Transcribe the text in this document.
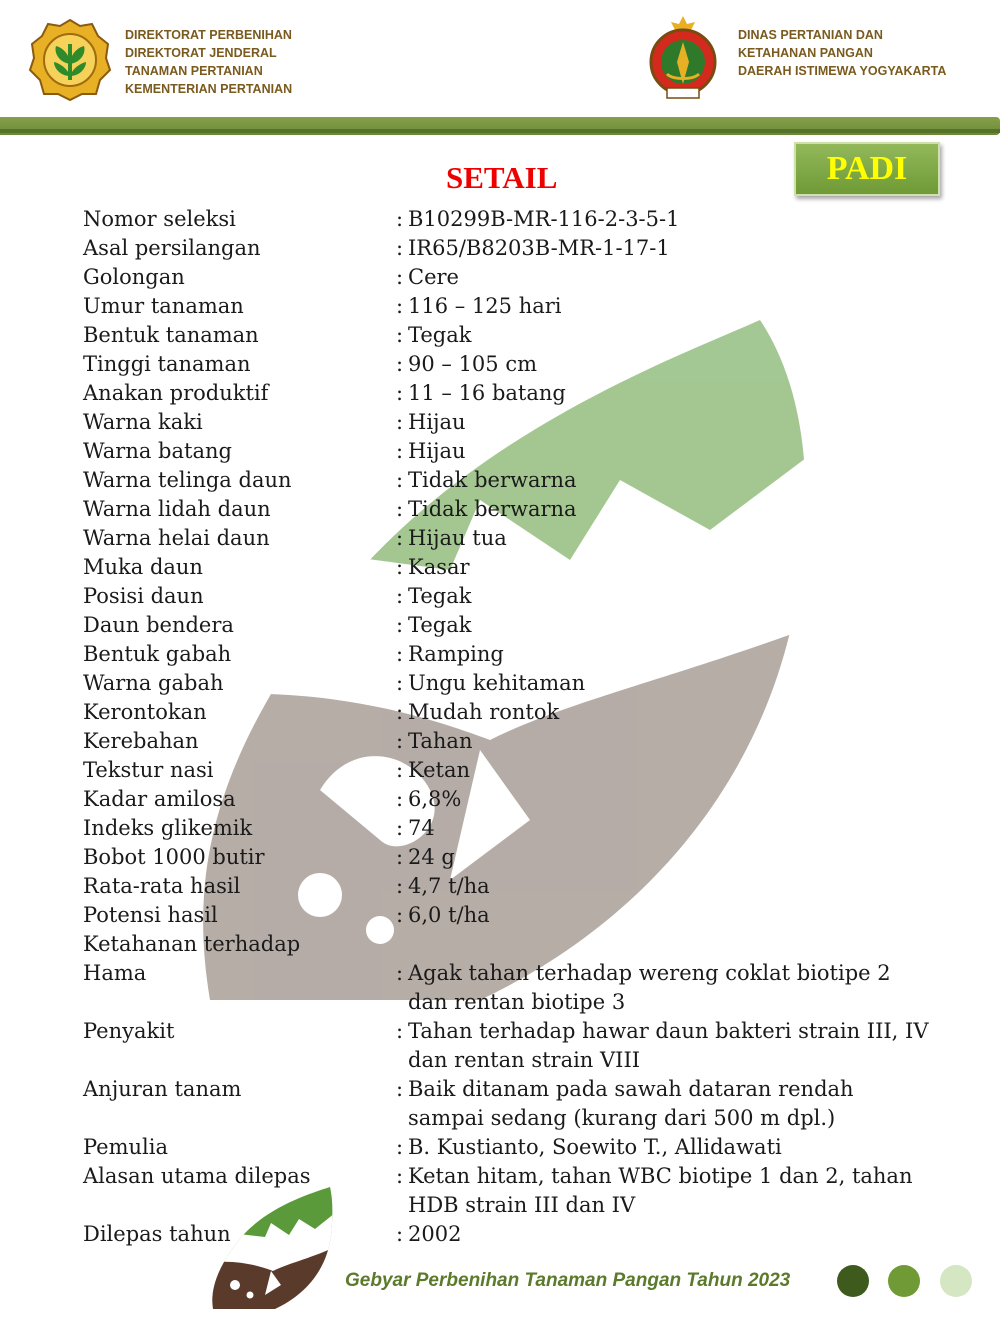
DIREKTORAT PERBENIHAN
DIREKTORAT JENDERAL
TANAMAN PERTANIAN
KEMENTERIAN PERTANIAN
DINAS PERTANIAN DAN
KETAHANAN PANGAN
DAERAH ISTIMEWA YOGYAKARTA
PADI
SETAIL
Nomor seleksi	: B10299B-MR-116-2-3-5-1
Asal persilangan	: IR65/B8203B-MR-1-17-1
Golongan	: Cere
Umur tanaman	: 116 – 125 hari
Bentuk tanaman	: Tegak
Tinggi tanaman	: 90 – 105 cm
Anakan produktif	: 11 – 16 batang
Warna kaki	: Hijau
Warna batang	: Hijau
Warna telinga daun	: Tidak berwarna
Warna lidah daun	: Tidak berwarna
Warna helai daun	: Hijau tua
Muka daun	: Kasar
Posisi daun	: Tegak
Daun bendera	: Tegak
Bentuk gabah	: Ramping
Warna gabah	: Ungu kehitaman
Kerontokan	: Mudah rontok
Kerebahan	: Tahan
Tekstur nasi	: Ketan
Kadar amilosa	: 6,8%
Indeks glikemik	: 74
Bobot 1000 butir	: 24 g
Rata-rata hasil	: 4,7 t/ha
Potensi hasil	: 6,0 t/ha
Ketahanan terhadap
Hama	: Agak tahan terhadap wereng coklat biotipe 2 dan rentan biotipe 3
Penyakit	: Tahan terhadap hawar daun bakteri strain III, IV dan rentan strain VIII
Anjuran tanam	: Baik ditanam pada sawah dataran rendah sampai sedang (kurang dari 500 m dpl.)
Pemulia	: B. Kustianto, Soewito T., Allidawati
Alasan utama dilepas	: Ketan hitam, tahan WBC biotipe 1 dan 2, tahan HDB strain III dan IV
Dilepas tahun	: 2002
Gebyar Perbenihan Tanaman Pangan Tahun 2023
